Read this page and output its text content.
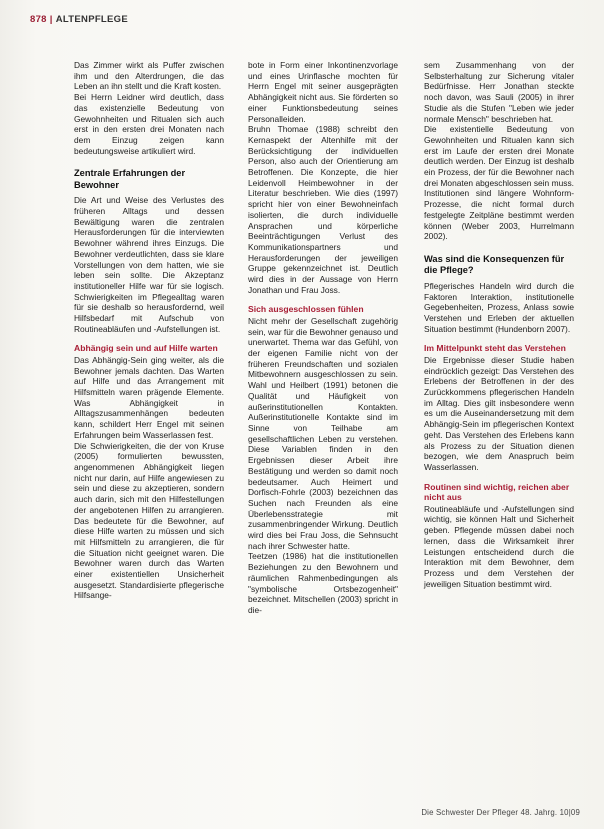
878 | ALTENPFLEGE

Das Zimmer wirkt als Puffer zwischen ihm und den Alterdrungen, die das Leben an ihn stellt und die Kraft kosten.

Bei Herrn Leidner wird deutlich, dass das existenzielle Bedeutung von Gewohnheiten und Ritualen sich auch erst in den ersten drei Monaten nach dem Einzug zeigen kann bedeutungsweise artikuliert wird.

Zentrale Erfahrungen der Bewohner

Die Art und Weise des Verlustes des früheren Alltags und dessen Bewältigung waren die zentralen Herausforderungen für die interviewten Bewohner während ihres Einzugs. Die Bewohner verdeutlichten, dass sie klare Vorstellungen von dem hatten, wie sie leben sein sollte. Die Akzeptanz institutioneller Hilfe war für sie logisch. Schwierigkeiten im Pflegealltag waren für sie deshalb so herausfordernd, weil Hilfsbedarf mit Aufschub von Routineabläufen und -Aufstellungen ist.

Abhängig sein und auf Hilfe warten

Das Abhängig-Sein ging weiter, als die Bewohner jemals dachten. Das Warten auf Hilfe und das Arrangement mit Hilfsmitteln waren prägende Elemente. Was Abhängigkeit in Alltagszusammenhängen bedeuten kann, schildert Herr Engel mit seinen Erfahrungen beim Wasserlassen fest.

Die Schwierigkeiten, die der von Kruse (2005) formulierten bewussten, angenommenen Abhängigkeit liegen nicht nur darin, auf Hilfe angewiesen zu sein und diese zu akzeptieren, sondern auch darin, sich mit den Hilfestellungen der angebotenen Hilfen zu arrangieren. Das bedeutete für die Bewohner, auf diese Hilfe warten zu müssen und sich mit Hilfsmitteln zu arrangieren, die für die Situation nicht geeignet waren. Die Bewohner waren durch das Warten einer existentiellen Unsicherheit ausgesetzt. Standardisierte pflegerische Hilfsange-

bote in Form einer Inkontinenzvorlage und eines Urinflasche mochten für Herrn Engel mit seiner ausgeprägten Abhängigkeit nicht aus. Sie förderten so einer Funktionsbedeutung seines Personalleiden.

Bruhn Thomae (1988) schreibt den Kernaspekt der Altenhilfe mit der Berücksichtigung der individuellen Person, also auch der Orientierung am Betroffenen. Die Konzepte, die hier Leidenvoll Heimbewohner in der Literatur beschrieben. Wie dies (1997) spricht hier von einer Bewohneinfach isolierten, die durch individuelle Ansprachen und körperliche Beeinträchtigungen Verlust des Kommunikationspartners und Herausforderungen der jeweiligen Gruppe gekennzeichnet ist. Deutlich wird dies in der Aussage von Herrn Jonathan und Frau Joss.

Sich ausgeschlossen fühlen

Nicht mehr der Gesellschaft zugehörig sein, war für die Bewohner genauso und unerwartet. Thema war das Gefühl, von der eigenen Familie nicht von der früheren Freundschaften und sozialen Mitbewohnern ausgeschlossen zu sein. Wahl und Heilbert (1991) betonen die Qualität und Häufigkeit von außerinstitutionellen Kontakten. Außerinstitutionelle Kontakte sind im Sinne von Teilhabe am gesellschaftlichen Leben zu verstehen. Diese Variablen finden in den Ergebnissen dieser Arbeit ihre Bestätigung und werden so damit noch bedeutsamer. Auch Heimert und Dorfisch-Fohrle (2003) bezeichnen das Suchen nach Freunden als eine Überlebensstrategie mit zusammenbringender Wirkung. Deutlich wird dies bei Frau Joss, die Sehnsucht nach ihrer Schwester hatte.

Teetzen (1986) hat die institutionellen Beziehungen zu den Bewohnern und räumlichen Rahmenbedingungen als "symbolische Ortsbezogenheit" bezeichnet. Mitschellen (2003) spricht in die-

sem Zusammenhang von der Selbsterhaltung zur Sicherung vitaler Bedürfnisse. Herr Jonathan steckte noch davon, was Sauli (2005) in ihrer Studie als die Stufen "Leben wie jeder normale Mensch" beschrieben hat.

Die existentielle Bedeutung von Gewohnheiten und Ritualen kann sich erst im Laufe der ersten drei Monate deutlich werden. Der Einzug ist deshalb ein Prozess, der für die Bewohner nach drei Monaten abgeschlossen sein muss. Institutionen sind längere Wohnform-Prozesse, die nicht formal durch festgelegte Zeitpläne bestimmt werden können (Weber 2003, Hurrelmann 2002).

Was sind die Konsequenzen für die Pflege?

Pflegerisches Handeln wird durch die Faktoren Interaktion, institutionelle Gegebenheiten, Prozess, Anlass sowie Verstehen und Erleben der aktuellen Situation bestimmt (Hundenborn 2007).

Im Mittelpunkt steht das Verstehen

Die Ergebnisse dieser Studie haben eindrücklich gezeigt: Das Verstehen des Erlebens der Betroffenen in der des Zurückkommens pflegerischen Handeln im Alltag. Dies gilt insbesondere wenn es um die Auseinandersetzung mit dem Abhängig-Sein im pflegerischen Kontext geht. Das Verstehen des Erlebens kann als Prozess zu der Situation dienen bezogen, wie dem Anaspruch beim Wasserlassen.

Routinen sind wichtig, reichen aber nicht aus

Routineabläufe und -Aufstellungen sind wichtig, sie können Halt und Sicherheit geben. Pflegende müssen dabei noch lernen, dass die Wirksamkeit ihrer Leistungen entscheidend durch die Interaktion mit dem Bewohner, dem Prozess und dem Verstehen der jeweiligen Situation bestimmt wird.

Die Schwester Der Pfleger 48. Jahrg. 10|09
